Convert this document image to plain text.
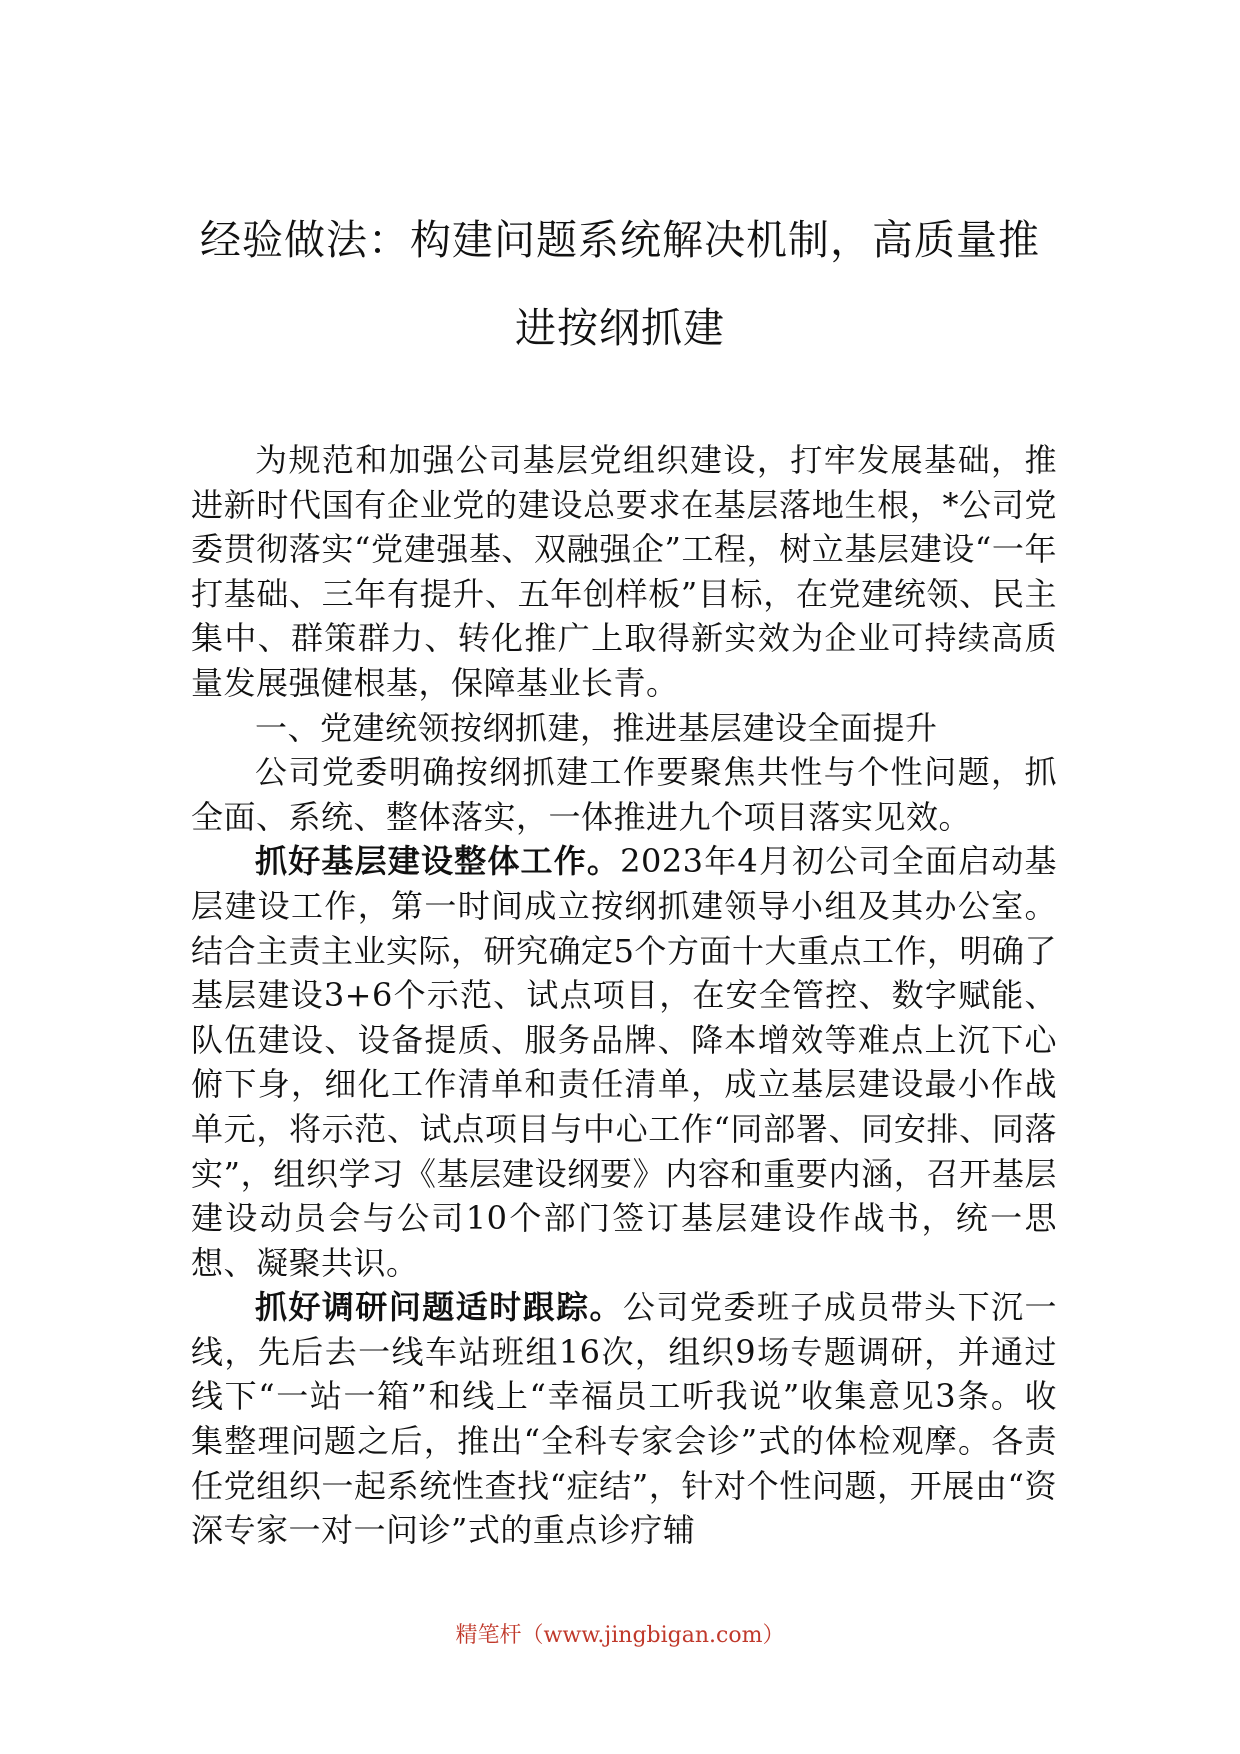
经验做法：构建问题系统解决机制，高质量推进按纲抓建

为规范和加强公司基层党组织建设，打牢发展基础，推进新时代国有企业党的建设总要求在基层落地生根，*公司党委贯彻落实“党建强基、双融强企”工程，树立基层建设“一年打基础、三年有提升、五年创样板”目标，在党建统领、民主集中、群策群力、转化推广上取得新实效为企业可持续高质量发展强健根基，保障基业长青。

一、党建统领按纲抓建，推进基层建设全面提升

公司党委明确按纲抓建工作要聚焦共性与个性问题，抓全面、系统、整体落实，一体推进九个项目落实见效。

抓好基层建设整体工作。2023年4月初公司全面启动基层建设工作，第一时间成立按纲抓建领导小组及其办公室。结合主责主业实际，研究确定5个方面十大重点工作，明确了基层建设3+6个示范、试点项目，在安全管控、数字赋能、队伍建设、设备提质、服务品牌、降本增效等难点上沉下心俯下身，细化工作清单和责任清单，成立基层建设最小作战单元，将示范、试点项目与中心工作“同部署、同安排、同落实”，组织学习《基层建设纲要》内容和重要内涵，召开基层建设动员会与公司10个部门签订基层建设作战书，统一思想、凝聚共识。

抓好调研问题适时跟踪。公司党委班子成员带头下沉一线，先后去一线车站班组16次，组织9场专题调研，并通过线下“一站一箱”和线上“幸福员工听我说”收集意见3条。收集整理问题之后，推出“全科专家会诊”式的体检观摩。各责任党组织一起系统性查找“症结”，针对个性问题，开展由“资深专家一对一问诊”式的重点诊疗辅

精笔杆（www.jingbigan.com）
